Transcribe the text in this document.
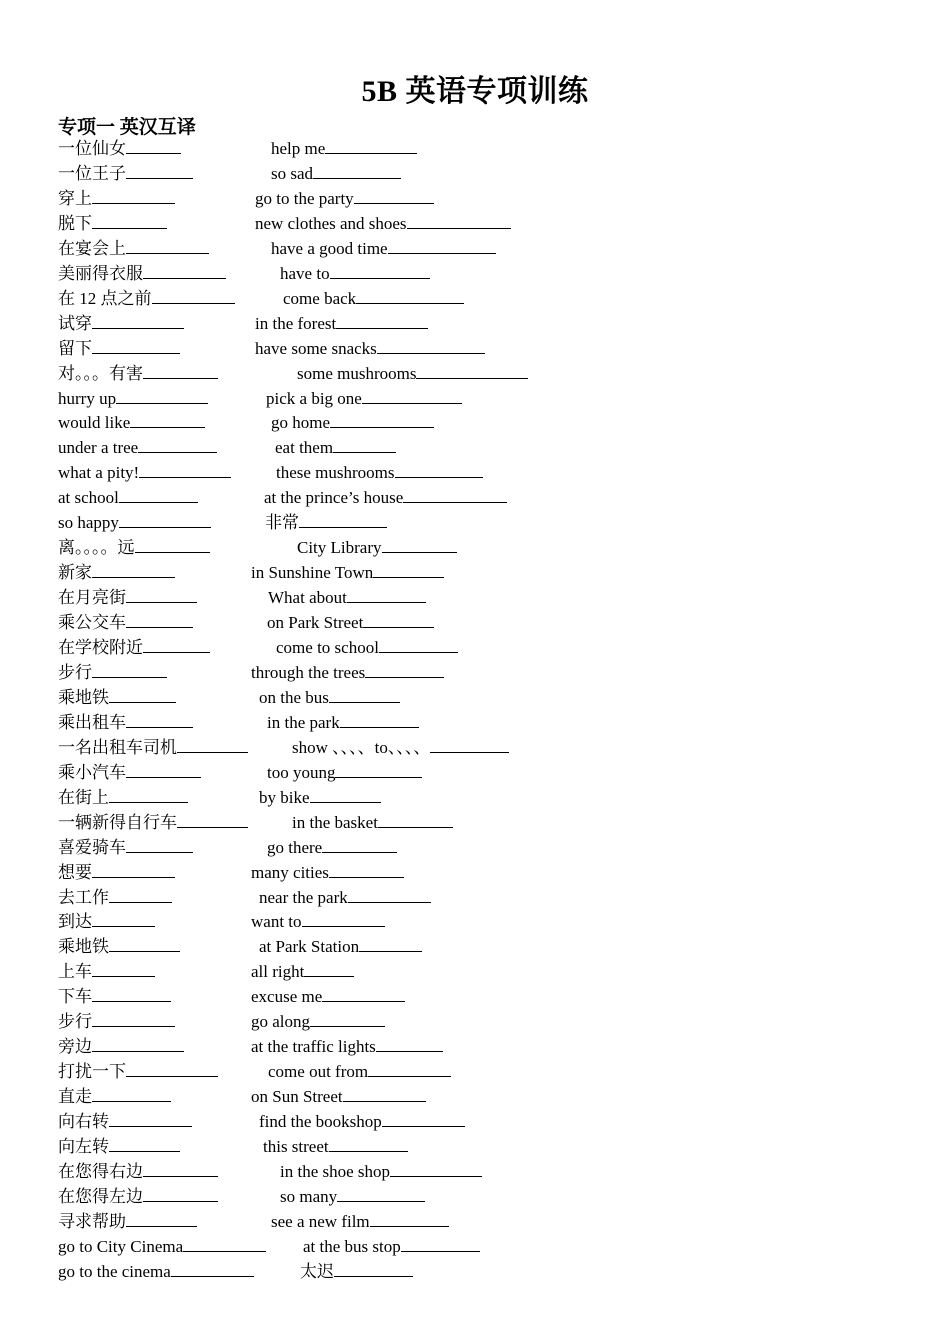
5B 英语专项训练
专项一 英汉互译
一位仙女	help me
一位王子	so sad
穿上	go to the party
脱下	new clothes and shoes
在宴会上	have a good time
美丽得衣服	have to
在 12 点之前	come back
试穿	in the forest
留下	have some snacks
对。。。有害	some mushrooms
hurry up	pick a big one
would like	go home
under a tree	eat them
what a pity!	these mushrooms
at school	at the prince’s house
so happy	非常
离。。。。远	City Library
新家	in Sunshine Town
在月亮街	What about
乘公交车	on Park Street
在学校附近	come to school
步行	through the trees
乘地铁	on the bus
乘出租车	in the park
一名出租车司机	show 、、、、to、、、、
乘小汽车	too young
在街上	by bike
一辆新得自行车	in the basket
喜爱骑车	go there
想要	many cities
去工作	near the park
到达	want to
乘地铁	at Park Station
上车	all right
下车	excuse me
步行	go along
旁边	at the traffic lights
打扰一下	come out from
直走	on Sun Street
向右转	find the bookshop
向左转	this street
在您得右边	in the shoe shop
在您得左边	so many
寻求帮助	see a new film
go to City Cinema	at the bus stop
go to the cinema	太迟
